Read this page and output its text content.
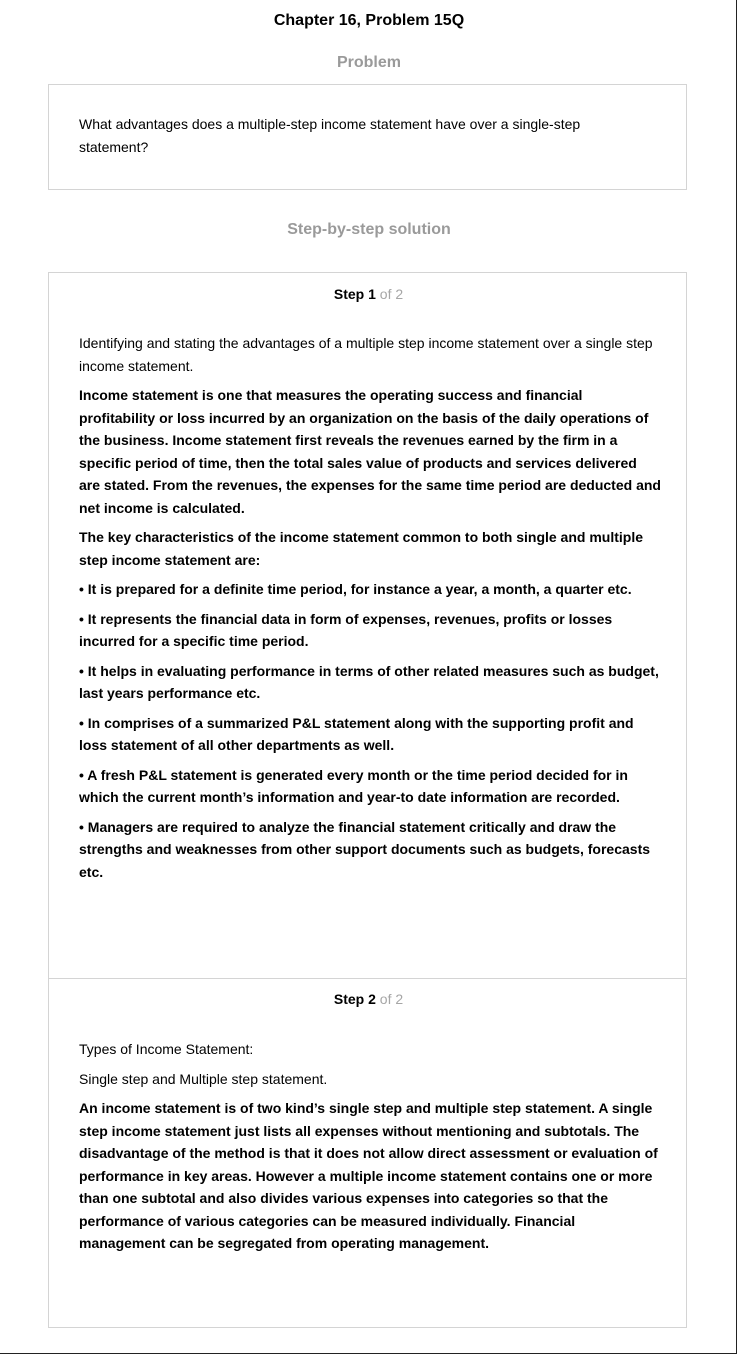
Chapter 16, Problem 15Q
Problem
What advantages does a multiple-step income statement have over a single-step statement?
Step-by-step solution
Step 1 of 2

Identifying and stating the advantages of a multiple step income statement over a single step income statement.

Income statement is one that measures the operating success and financial profitability or loss incurred by an organization on the basis of the daily operations of the business. Income statement first reveals the revenues earned by the firm in a specific period of time, then the total sales value of products and services delivered are stated. From the revenues, the expenses for the same time period are deducted and net income is calculated.

The key characteristics of the income statement common to both single and multiple step income statement are:

• It is prepared for a definite time period, for instance a year, a month, a quarter etc.

• It represents the financial data in form of expenses, revenues, profits or losses incurred for a specific time period.

• It helps in evaluating performance in terms of other related measures such as budget, last years performance etc.

• In comprises of a summarized P&L statement along with the supporting profit and loss statement of all other departments as well.

• A fresh P&L statement is generated every month or the time period decided for in which the current month’s information and year-to date information are recorded.

• Managers are required to analyze the financial statement critically and draw the strengths and weaknesses from other support documents such as budgets, forecasts etc.

Step 2 of 2

Types of Income Statement:

Single step and Multiple step statement.

An income statement is of two kind’s single step and multiple step statement. A single step income statement just lists all expenses without mentioning and subtotals. The disadvantage of the method is that it does not allow direct assessment or evaluation of performance in key areas. However a multiple income statement contains one or more than one subtotal and also divides various expenses into categories so that the performance of various categories can be measured individually. Financial management can be segregated from operating management.
